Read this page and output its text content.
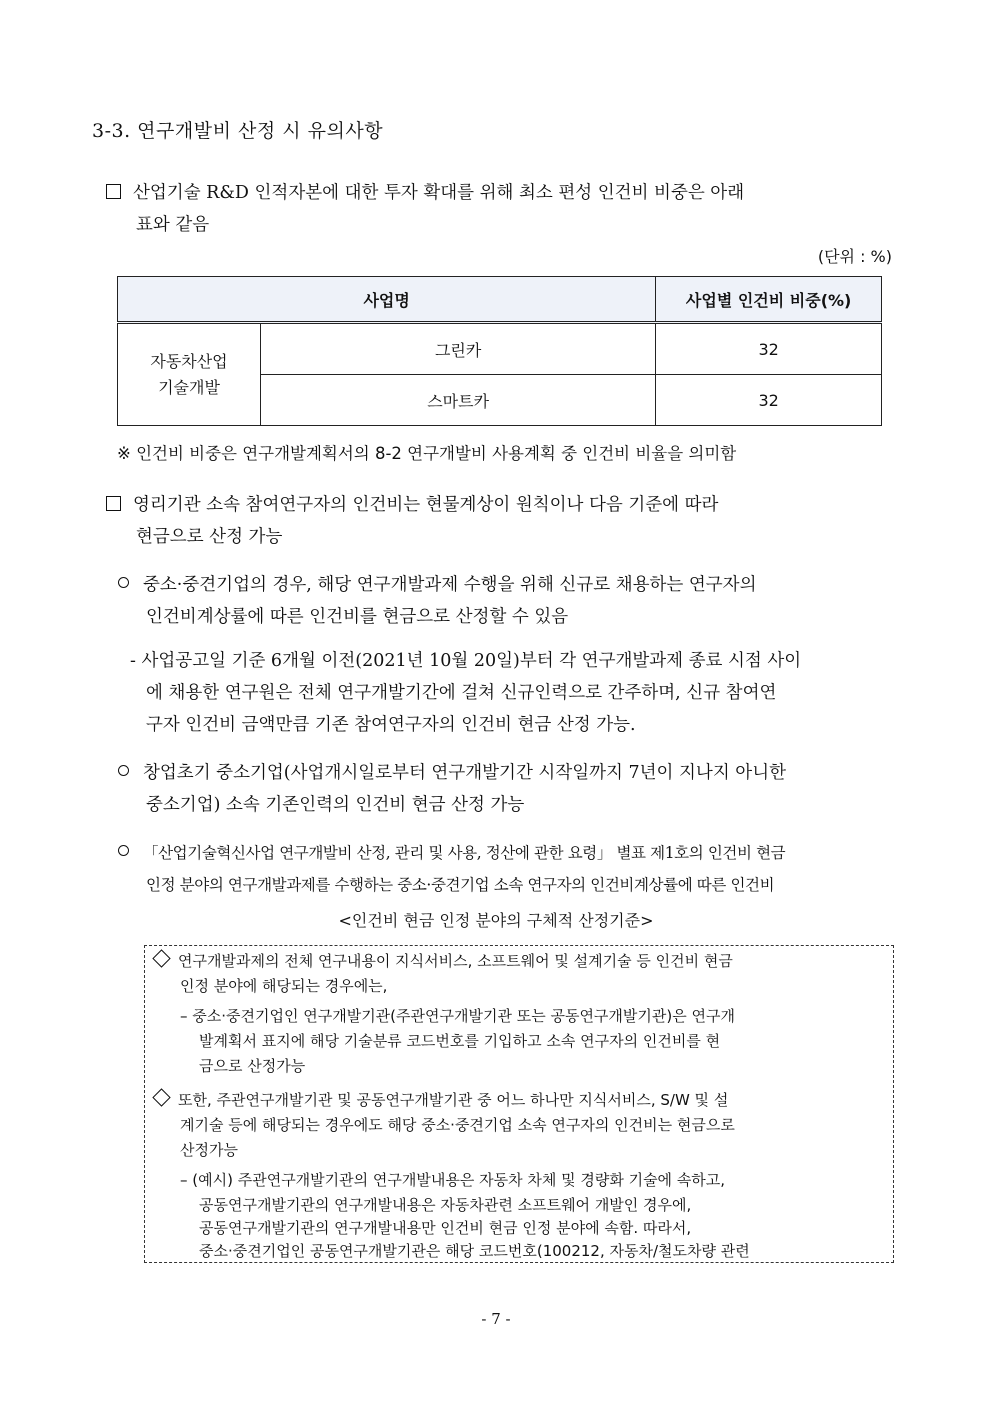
3-3. 연구개발비 산정 시 유의사항
산업기술 R&D 인적자본에 대한 투자 확대를 위해 최소 편성 인건비 비중은 아래
표와 같음
(단위 : %)
사업명		사업별 인건비 비중(%)

자동차산업
기술개발	그린카	32
	스마트카	32
※ 인건비 비중은 연구개발계획서의 8-2 연구개발비 사용계획 중 인건비 비율을 의미함
영리기관 소속 참여연구자의 인건비는 현물계상이 원칙이나 다음 기준에 따라
현금으로 산정 가능
중소·중견기업의 경우, 해당 연구개발과제 수행을 위해 신규로 채용하는 연구자의
인건비계상률에 따른 인건비를 현금으로 산정할 수 있음
- 사업공고일 기준 6개월 이전(2021년 10월 20일)부터 각 연구개발과제 종료 시점 사이
에 채용한 연구원은 전체 연구개발기간에 걸쳐 신규인력으로 간주하며, 신규 참여연
구자 인건비 금액만큼 기존 참여연구자의 인건비 현금 산정 가능.
창업초기 중소기업(사업개시일로부터 연구개발기간 시작일까지 7년이 지나지 아니한
중소기업) 소속 기존인력의 인건비 현금 산정 가능
「산업기술혁신사업 연구개발비 산정, 관리 및 사용, 정산에 관한 요령」 별표 제1호의 인건비 현금
인정 분야의 연구개발과제를 수행하는 중소·중견기업 소속 연구자의 인건비계상률에 따른 인건비
<인건비 현금 인정 분야의 구체적 산정기준>
연구개발과제의 전체 연구내용이 지식서비스, 소프트웨어 및 설계기술 등 인건비 현금
인정 분야에 해당되는 경우에는,
– 중소·중견기업인 연구개발기관(주관연구개발기관 또는 공동연구개발기관)은 연구개
발계획서 표지에 해당 기술분류 코드번호를 기입하고 소속 연구자의 인건비를 현
금으로 산정가능
또한, 주관연구개발기관 및 공동연구개발기관 중 어느 하나만 지식서비스, S/W 및 설
계기술 등에 해당되는 경우에도 해당 중소·중견기업 소속 연구자의 인건비는 현금으로
산정가능
– (예시) 주관연구개발기관의 연구개발내용은 자동차 차체 및 경량화 기술에 속하고,
공동연구개발기관의 연구개발내용은 자동차관련 소프트웨어 개발인 경우에,
공동연구개발기관의 연구개발내용만 인건비 현금 인정 분야에 속함. 따라서,
중소·중견기업인 공동연구개발기관은 해당 코드번호(100212, 자동차/철도차량 관련
- 7 -
